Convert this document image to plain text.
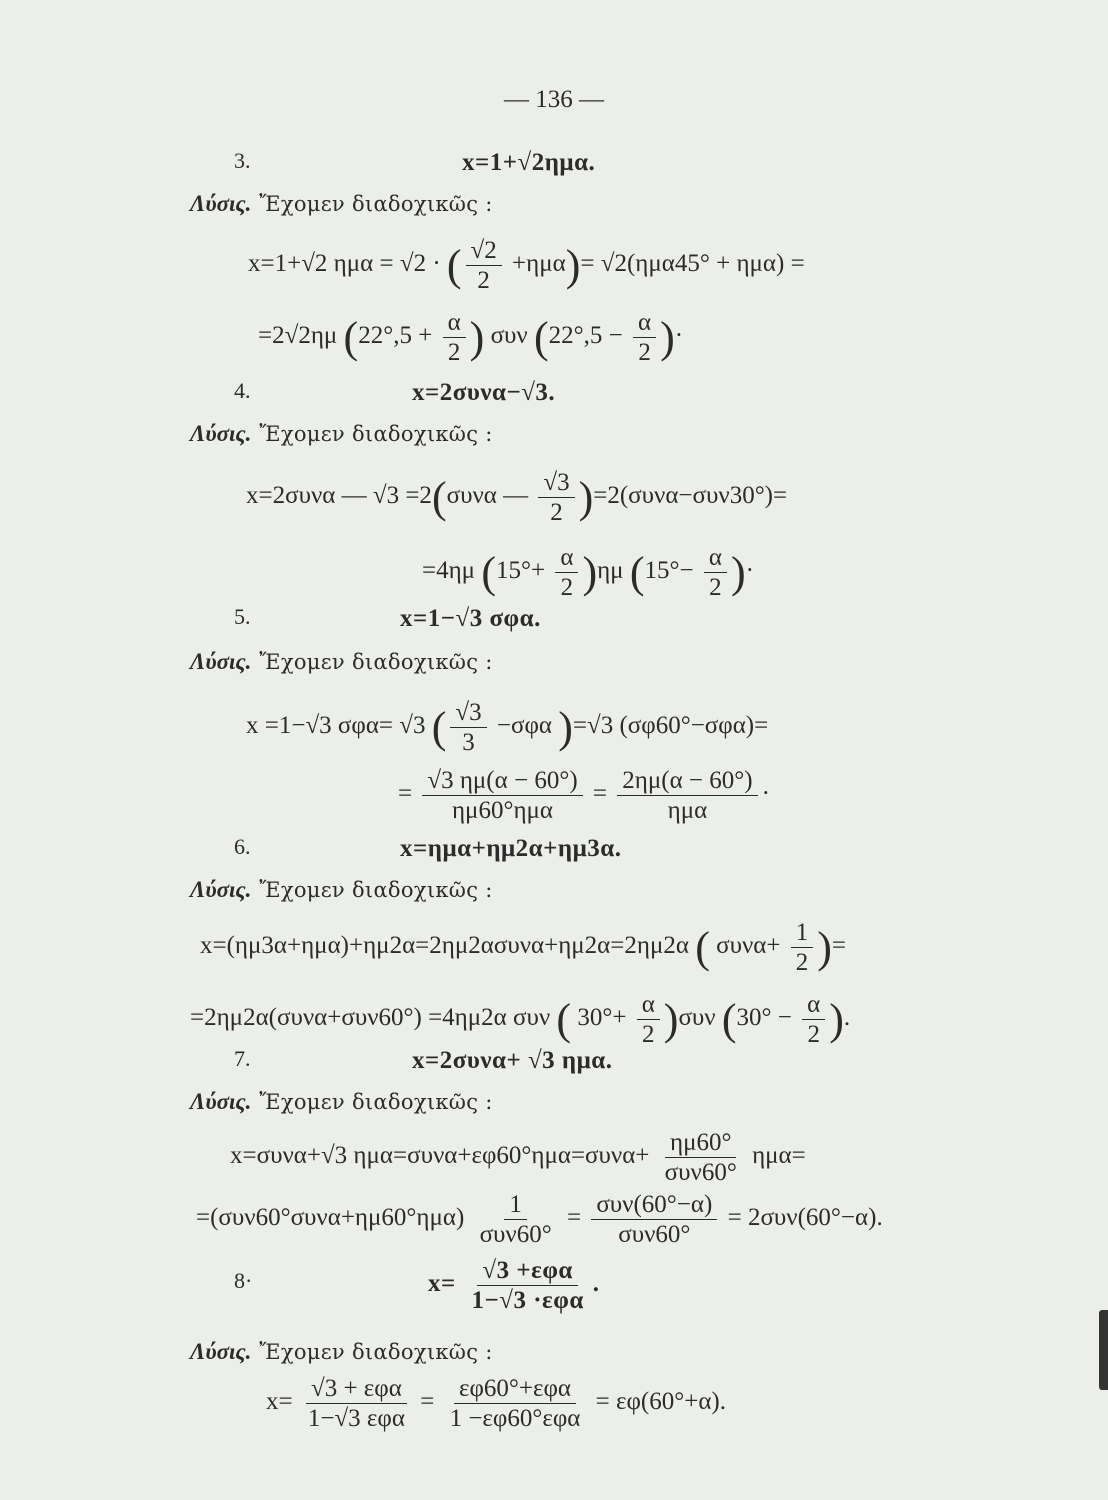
— 136 —
3.	x=1+√2ημα.
Λύσις. Ἔχομεν διαδοχικῶς :
x=1+√2 ημα = √2 · ( $\frac{√2}{2} +\eta\mu\alpha)= √2(\eta\mu\alpha 45^\circ + \eta\mu\alpha)$ =
=2√2ημ ($22^\circ,5 + \frac{\alpha}{2}$ ) συν ($22^\circ,5 - \frac{\alpha}{2}$ )·
4.	x=2συνα−√3.
Λύσις. Ἔχομεν διαδοχικῶς :
x=2συνα — √3 =2(συνα — $\frac{√3}{2} )=2(\sigma\upsilon\nu\alpha-\sigma\upsilon\nu 30^\circ)=$
=4ημ $(15^\circ+ \frac{\alpha}{2} )\eta\mu$ ($15^\circ- \frac{\alpha}{2}$ )·
5.	x=1−√3 σφα.
Λύσις. Ἔχομεν διαδοχικῶς :
x =1−√3 σφα= √3 ( $\frac{√3}{3} -\sigma\varphi\alpha$ )=√3 (σφ60°−σφα)=
= $\frac{√3 \eta\mu(\alpha - 60^\circ)}{\text{ημ60°ημα}} = \frac{2\eta\mu(\alpha - 60^\circ)}{\text{ημα}}$ ·
6.	x=ημα+ημ2α+ημ3α.
Λύσις. Ἔχομεν διαδοχικῶς :
x=(ημ3α+ημα)+ημ2α=2ημ2ασυνα+ημ2α=2ημ2α ( $\sigma\upsilon\nu\alpha+ \frac{1}{2}$ )=
=2ημ2α(συνα+συν60°) =4ημ2α συν ( $30^\circ+ \frac{\alpha}{2} )\sigma\upsilon\nu$ ($30^\circ - \frac{\alpha}{2}$ ).
7.	x=2συνα+ √3 ημα.
Λύσις. Ἔχομεν διαδοχικῶς :
x=συνα+√3 $\eta\mu\alpha=\sigma\upsilon\nu\alpha+\varepsilon\varphi 60^\circ\eta\mu\alpha=\sigma\upsilon\nu\alpha+ \frac{\eta\mu 60^\circ}{\text{συν60°}} \eta\mu\alpha=$
$=(\sigma\upsilon\nu 60^\circ\sigma\upsilon\nu\alpha+\eta\mu 60^\circ\eta\mu\alpha) \frac{1}{\text{συν60°}} = \frac{\text{συν(60°−α)}}{\text{συν60°}} = 2\sigma\upsilon\nu(60^\circ-\alpha)$.
8·	$x= \frac{\text{√3 +εφα}}{\text{1−√3 ·εφα}}$ .
Λύσις. Ἔχομεν διαδοχικῶς :
$x= \frac{\text{√3 + εφα}}{\text{1−√3 εφα}} = \frac{\text{εφ60°+εφα}}{\text{1 −εφ60°εφα}} = \varepsilon\varphi(60^\circ+\alpha)$.
